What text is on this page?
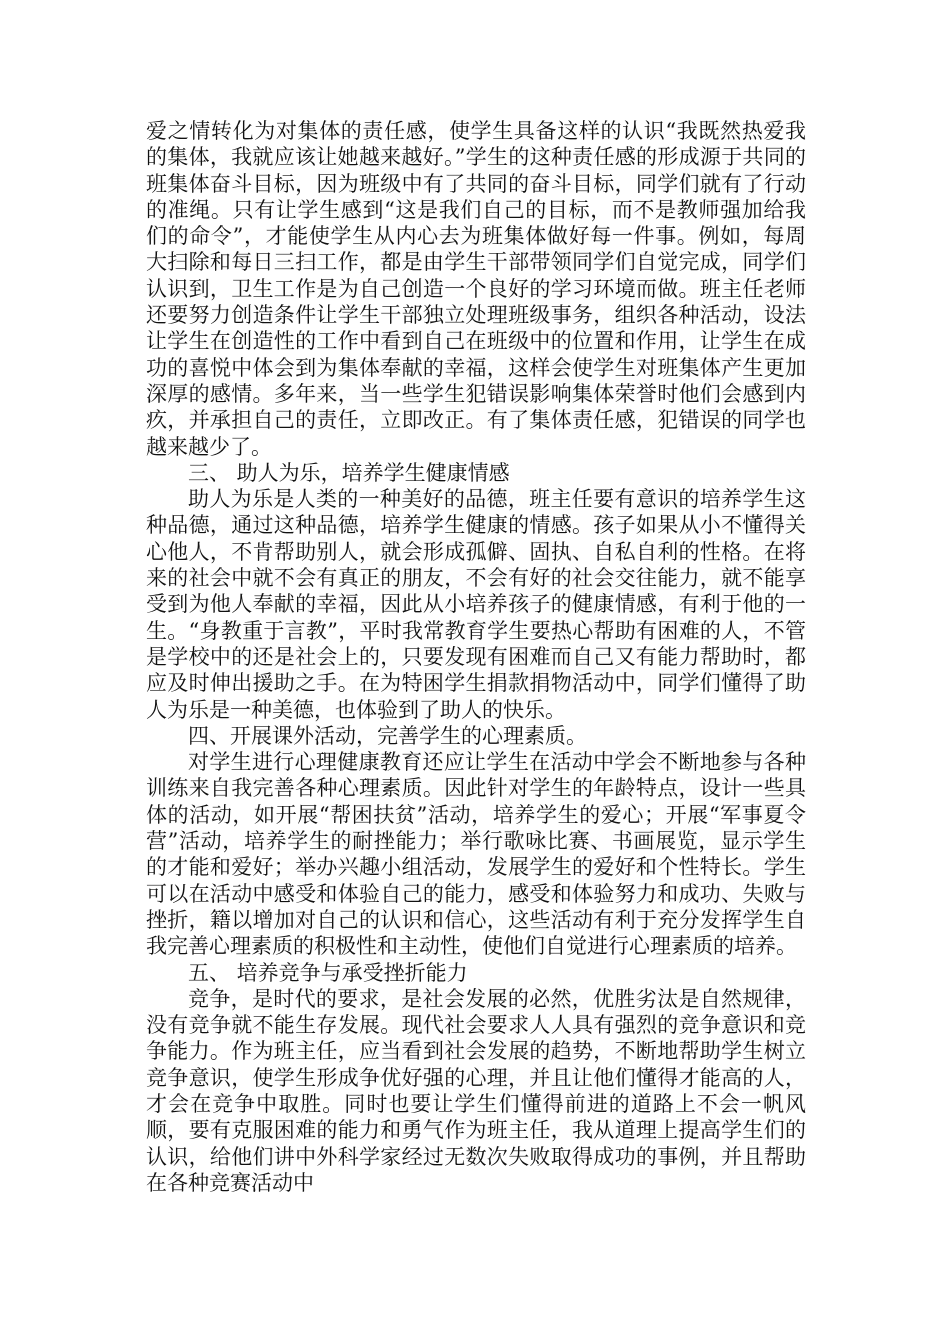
爱之情转化为对集体的责任感，使学生具备这样的认识“我既然热爱我的集体，我就应该让她越来越好。”学生的这种责任感的形成源于共同的班集体奋斗目标，因为班级中有了共同的奋斗目标，同学们就有了行动的准绳。只有让学生感到“这是我们自己的目标，而不是教师强加给我们的命令”，才能使学生从内心去为班集体做好每一件事。例如，每周大扫除和每日三扫工作，都是由学生干部带领同学们自觉完成，同学们认识到，卫生工作是为自己创造一个良好的学习环境而做。班主任老师还要努力创造条件让学生干部独立处理班级事务，组织各种活动，设法让学生在创造性的工作中看到自己在班级中的位置和作用，让学生在成功的喜悦中体会到为集体奉献的幸福，这样会使学生对班集体产生更加深厚的感情。多年来，当一些学生犯错误影响集体荣誉时他们会感到内疚，并承担自己的责任，立即改正。有了集体责任感，犯错误的同学也越来越少了。

三、 助人为乐，培养学生健康情感

助人为乐是人类的一种美好的品德，班主任要有意识的培养学生这种品德，通过这种品德，培养学生健康的情感。孩子如果从小不懂得关心他人，不肯帮助别人，就会形成孤僻、固执、自私自利的性格。在将来的社会中就不会有真正的朋友，不会有好的社会交往能力，就不能享受到为他人奉献的幸福，因此从小培养孩子的健康情感，有利于他的一生。“身教重于言教”，平时我常教育学生要热心帮助有困难的人，不管是学校中的还是社会上的，只要发现有困难而自己又有能力帮助时，都应及时伸出援助之手。在为特困学生捐款捐物活动中，同学们懂得了助人为乐是一种美德，也体验到了助人的快乐。

四、开展课外活动，完善学生的心理素质。

对学生进行心理健康教育还应让学生在活动中学会不断地参与各种训练来自我完善各种心理素质。因此针对学生的年龄特点，设计一些具体的活动，如开展“帮困扶贫”活动，培养学生的爱心；开展“军事夏令营”活动，培养学生的耐挫能力；举行歌咏比赛、书画展览，显示学生的才能和爱好；举办兴趣小组活动，发展学生的爱好和个性特长。学生可以在活动中感受和体验自己的能力，感受和体验努力和成功、失败与挫折，籍以增加对自己的认识和信心，这些活动有利于充分发挥学生自我完善心理素质的积极性和主动性，使他们自觉进行心理素质的培养。

五、 培养竞争与承受挫折能力

竞争，是时代的要求，是社会发展的必然，优胜劣汰是自然规律，没有竞争就不能生存发展。现代社会要求人人具有强烈的竞争意识和竞争能力。作为班主任，应当看到社会发展的趋势，不断地帮助学生树立竞争意识，使学生形成争优好强的心理，并且让他们懂得才能高的人，才会在竞争中取胜。同时也要让学生们懂得前进的道路上不会一帆风顺，要有克服困难的能力和勇气作为班主任，我从道理上提高学生们的认识，给他们讲中外科学家经过无数次失败取得成功的事例，并且帮助在各种竞赛活动中
